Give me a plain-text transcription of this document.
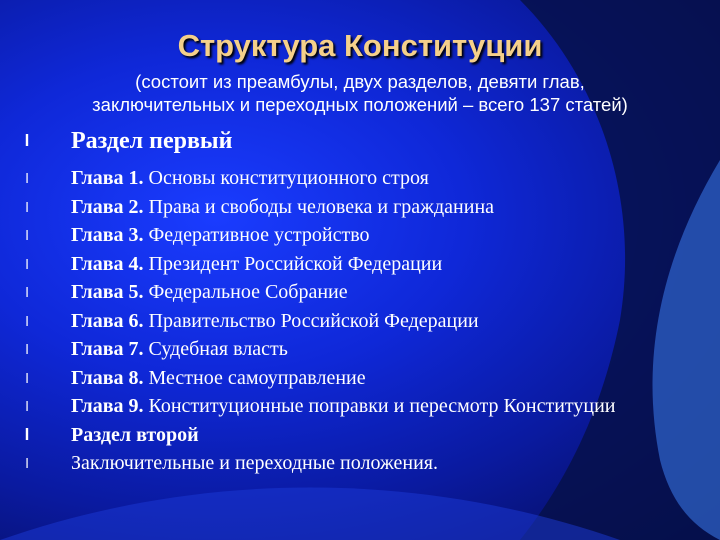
Структура Конституции
(состоит из преамбулы, двух разделов, девяти глав,
заключительных и переходных положений – всего 137 статей)
l Раздел первый
l Глава 1. Основы конституционного строя
l Глава 2. Права и свободы человека и гражданина
l Глава 3. Федеративное устройство
l Глава 4. Президент Российской Федерации
l Глава 5. Федеральное Собрание
l Глава 6. Правительство Российской Федерации
l Глава 7. Судебная власть
l Глава 8. Местное самоуправление
l Глава 9. Конституционные поправки и пересмотр Конституции
l Раздел второй
l Заключительные и переходные положения.
